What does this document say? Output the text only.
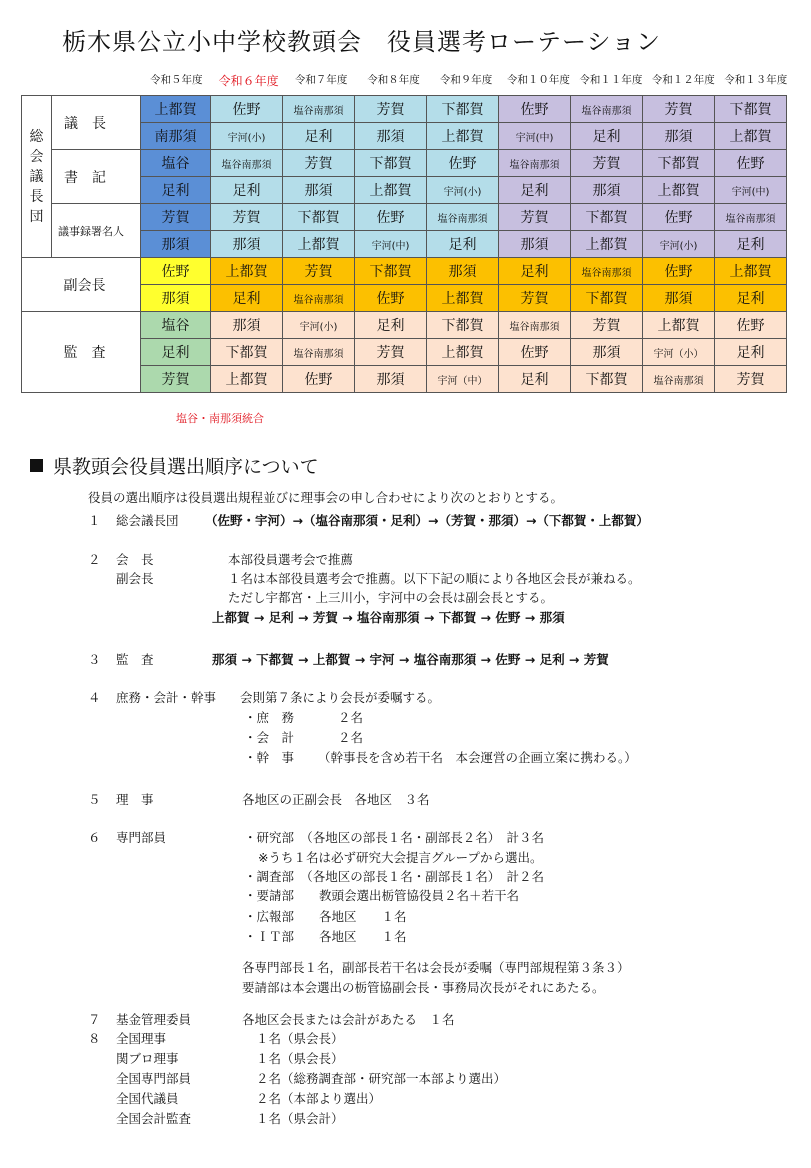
栃木県公立小中学校教頭会　役員選考ローテーション
令和５年度	令和６年度	令和７年度	令和８年度	令和９年度	令和１０年度 令和１１年度 令和１２年度 令和１３年度
総
会
議
長
団	議　長	上都賀	佐野	塩谷南那須	芳賀	下都賀	佐野	塩谷南那須	芳賀	下都賀
		南那須	宇河(小)	足利	那須	上都賀	宇河(中)	足利	那須	上都賀
	書　記	塩谷	塩谷南那須	芳賀	下都賀	佐野	塩谷南那須	芳賀	下都賀	佐野
		足利	足利	那須	上都賀	宇河(小)	足利	那須	上都賀	宇河(中)
	議事録署名人	芳賀	芳賀	下都賀	佐野	塩谷南那須	芳賀	下都賀	佐野	塩谷南那須
		那須	那須	上都賀	宇河(中)	足利	那須	上都賀	宇河(小)	足利
	副会長	佐野	上都賀	芳賀	下都賀	那須	足利	塩谷南那須	佐野	上都賀
		那須	足利	塩谷南那須	佐野	上都賀	芳賀	下都賀	那須	足利
	監　査	塩谷	那須	宇河(小)	足利	下都賀	塩谷南那須	芳賀	上都賀	佐野
		足利	下都賀	塩谷南那須	芳賀	上都賀	佐野	那須	宇河（小）	足利
		芳賀	上都賀	佐野	那須	宇河（中）	足利	下都賀	塩谷南那須	芳賀
塩谷・南那須統合
県教頭会役員選出順序について
役員の選出順序は役員選出規程並びに理事会の申し合わせにより次のとおりとする。
１ 総会議長団 （佐野・宇河）→（塩谷南那須・足利）→（芳賀・那須）→（下都賀・上都賀）
２ 会　長	本部役員選考会で推薦
副会長	１名は本部役員選考会で推薦。以下下記の順により各地区会長が兼ねる。
ただし宇都宮・上三川小，宇河中の会長は副会長とする。
上都賀 → 足利 → 芳賀 → 塩谷南那須 → 下都賀 → 佐野 → 那須
３ 監　査	那須 → 下都賀 → 上都賀 → 宇河 → 塩谷南那須 → 佐野 → 足利 → 芳賀
４ 庶務・会計・幹事 会則第７条により会長が委嘱する。
・庶　務	２名
・会　計	２名
・幹　事 （幹事長を含め若干名　本会運営の企画立案に携わる。）
５ 理　事	各地区の正副会長　各地区　３名
６ 専門部員	・研究部　（各地区の部長１名・副部長２名）　計３名
※うち１名は必ず研究大会提言グループから選出。
・調査部　（各地区の部長１名・副部長１名）　計２名
・要請部　　教頭会選出栃管協役員２名＋若干名
・広報部　　各地区　　１名
・ＩＴ部　　各地区　　１名
各専門部長１名，副部長若干名は会長が委嘱（専門部規程第３条３）
要請部は本会選出の栃管協副会長・事務局次長がそれにあたる。
７ 基金管理委員	各地区会長または会計があたる　１名
８ 全国理事	１名（県会長）
関ブロ理事	１名（県会長）
全国専門部員	２名（総務調査部・研究部一本部より選出）
全国代議員	２名（本部より選出）
全国会計監査	１名（県会計）
